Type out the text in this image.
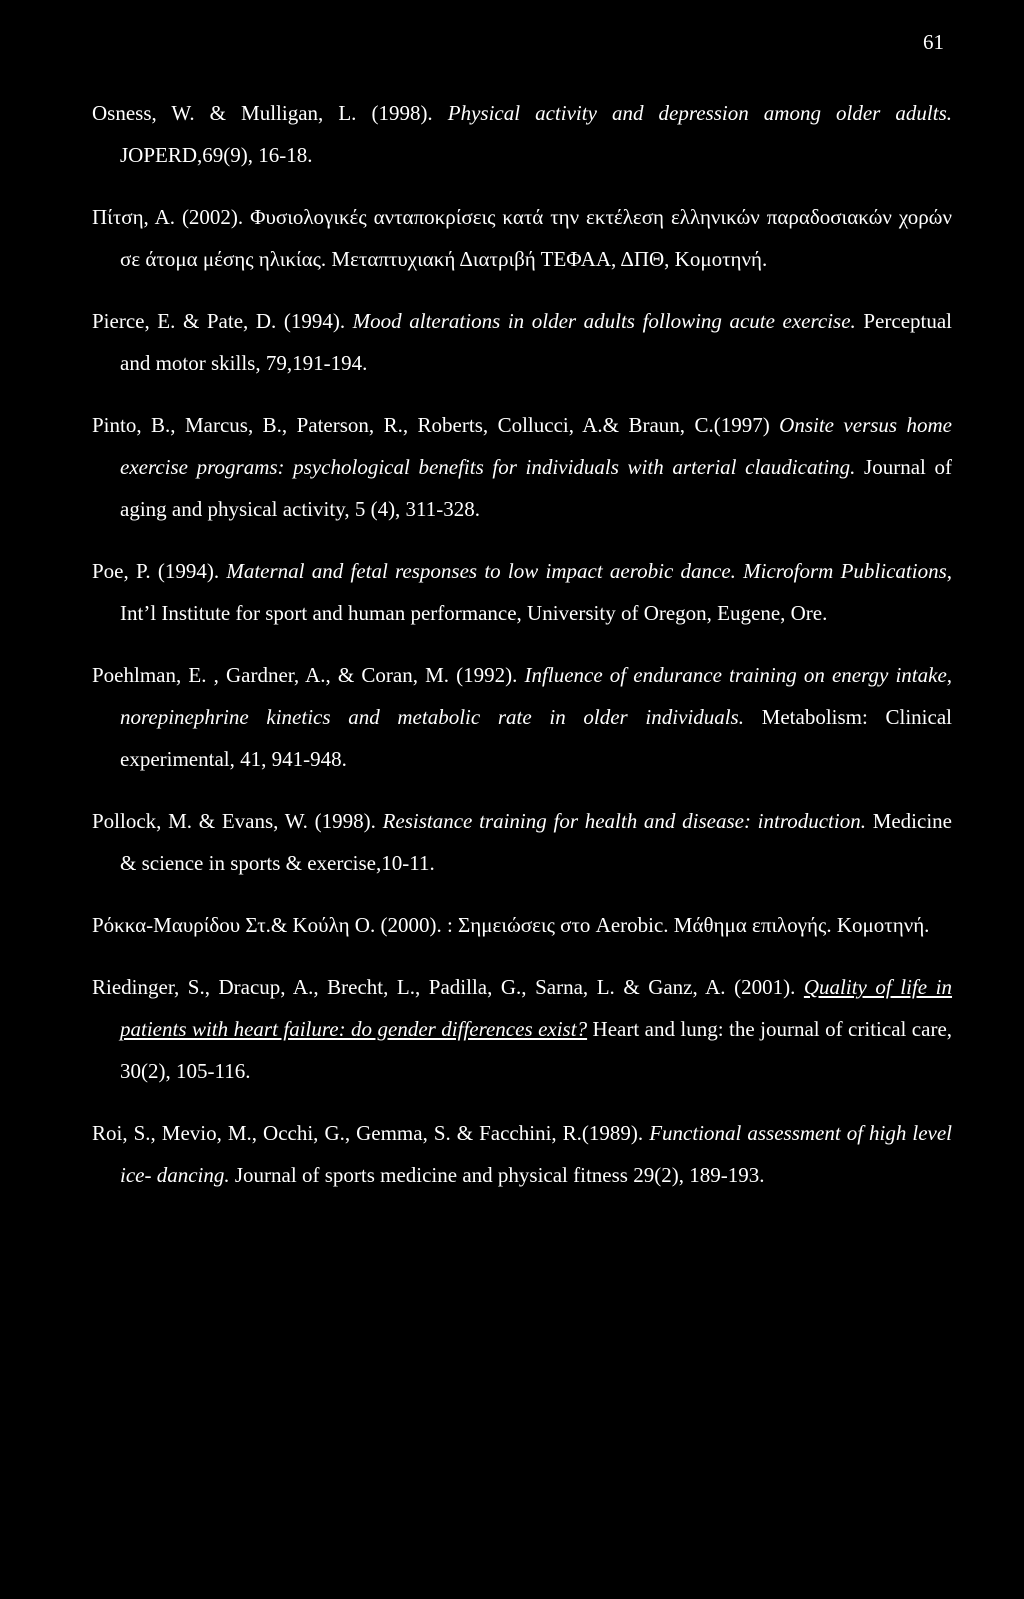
61

Osness, W. & Mulligan, L. (1998). Physical activity and depression among older adults. JOPERD,69(9), 16-18.

Πίτση, Α. (2002). Φυσιολογικές ανταποκρίσεις κατά την εκτέλεση ελληνικών παραδοσιακών χορών σε άτομα μέσης ηλικίας. Μεταπτυχιακή Διατριβή ΤΕΦΑΑ, ΔΠΘ, Κομοτηνή.

Pierce, E. & Pate, D. (1994). Mood alterations in older adults following acute exercise. Perceptual and motor skills, 79,191-194.

Pinto, B., Marcus, B., Paterson, R., Roberts, Collucci, A.& Braun, C.(1997) Onsite versus home exercise programs: psychological benefits for individuals with arterial claudicating. Journal of aging and physical activity, 5 (4), 311-328.

Poe, P. (1994). Maternal and fetal responses to low impact aerobic dance. Microform Publications, Int’l Institute for sport and human performance, University of Oregon, Eugene, Ore.

Poehlman, E. , Gardner, A., & Coran, M. (1992). Influence of endurance training on energy intake, norepinephrine kinetics and metabolic rate in older individuals. Metabolism: Clinical experimental, 41, 941-948.

Pollock, M. & Evans, W. (1998). Resistance training for health and disease: introduction. Medicine & science in sports & exercise,10-11.

Ρόκκα-Μαυρίδου Στ.& Κούλη Ο. (2000). : Σημειώσεις στο Aerobic. Μάθημα επιλογής. Κομοτηνή.

Riedinger, S., Dracup, A., Brecht, L., Padilla, G., Sarna, L. & Ganz, A. (2001). Quality of life in patients with heart failure: do gender differences exist? Heart and lung: the journal of critical care, 30(2), 105-116.

Roi, S., Mevio, M., Occhi, G., Gemma, S. & Facchini, R.(1989). Functional assessment of high level ice- dancing. Journal of sports medicine and physical fitness 29(2), 189-193.
